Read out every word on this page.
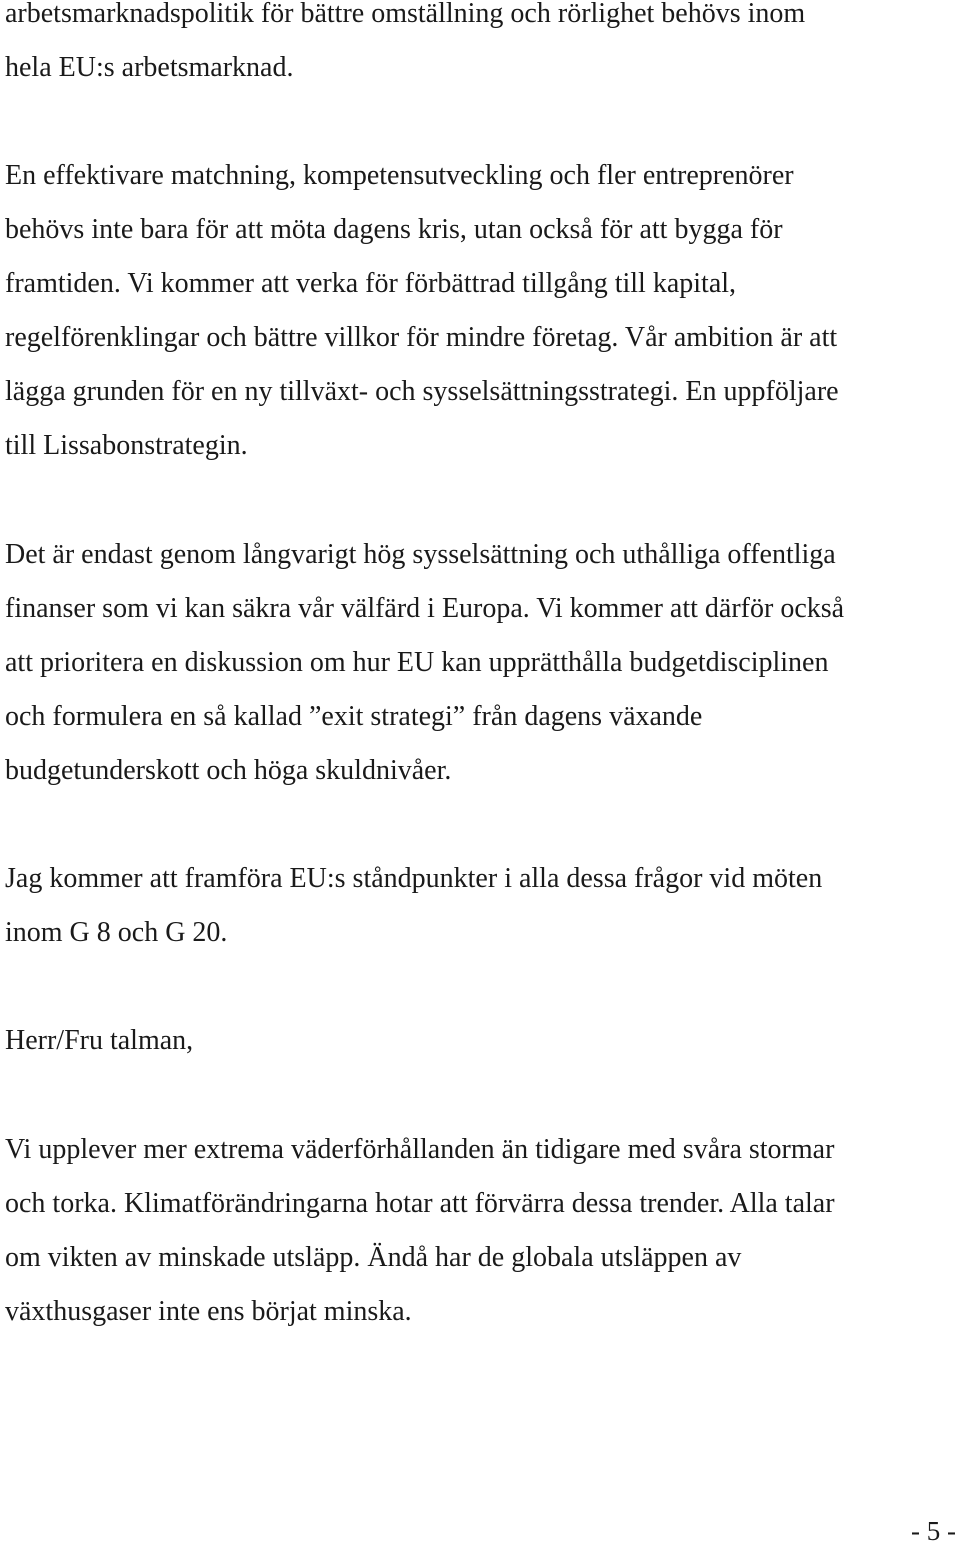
arbetsmarknadspolitik för bättre omställning och rörlighet behövs inom
hela EU:s arbetsmarknad.
En effektivare matchning, kompetensutveckling och fler entreprenörer
behövs inte bara för att möta dagens kris, utan också för att bygga för
framtiden. Vi kommer att verka för förbättrad tillgång till kapital,
regelförenklingar och bättre villkor för mindre företag. Vår ambition är att
lägga grunden för en ny tillväxt- och sysselsättningsstrategi. En uppföljare
till Lissabonstrategin.
Det är endast genom långvarigt hög sysselsättning och uthålliga offentliga
finanser som vi kan säkra vår välfärd i Europa. Vi kommer att därför också
att prioritera en diskussion om hur EU kan upprätthålla budgetdisciplinen
och formulera en så kallad ”exit strategi” från dagens växande
budgetunderskott och höga skuldnivåer.
Jag kommer att framföra EU:s ståndpunkter i alla dessa frågor vid möten
inom G 8 och G 20.
Herr/Fru talman,
Vi upplever mer extrema väderförhållanden än tidigare med svåra stormar
och torka. Klimatförändringarna hotar att förvärra dessa trender. Alla talar
om vikten av minskade utsläpp. Ändå har de globala utsläppen av
växthusgaser inte ens börjat minska.
- 5 -
